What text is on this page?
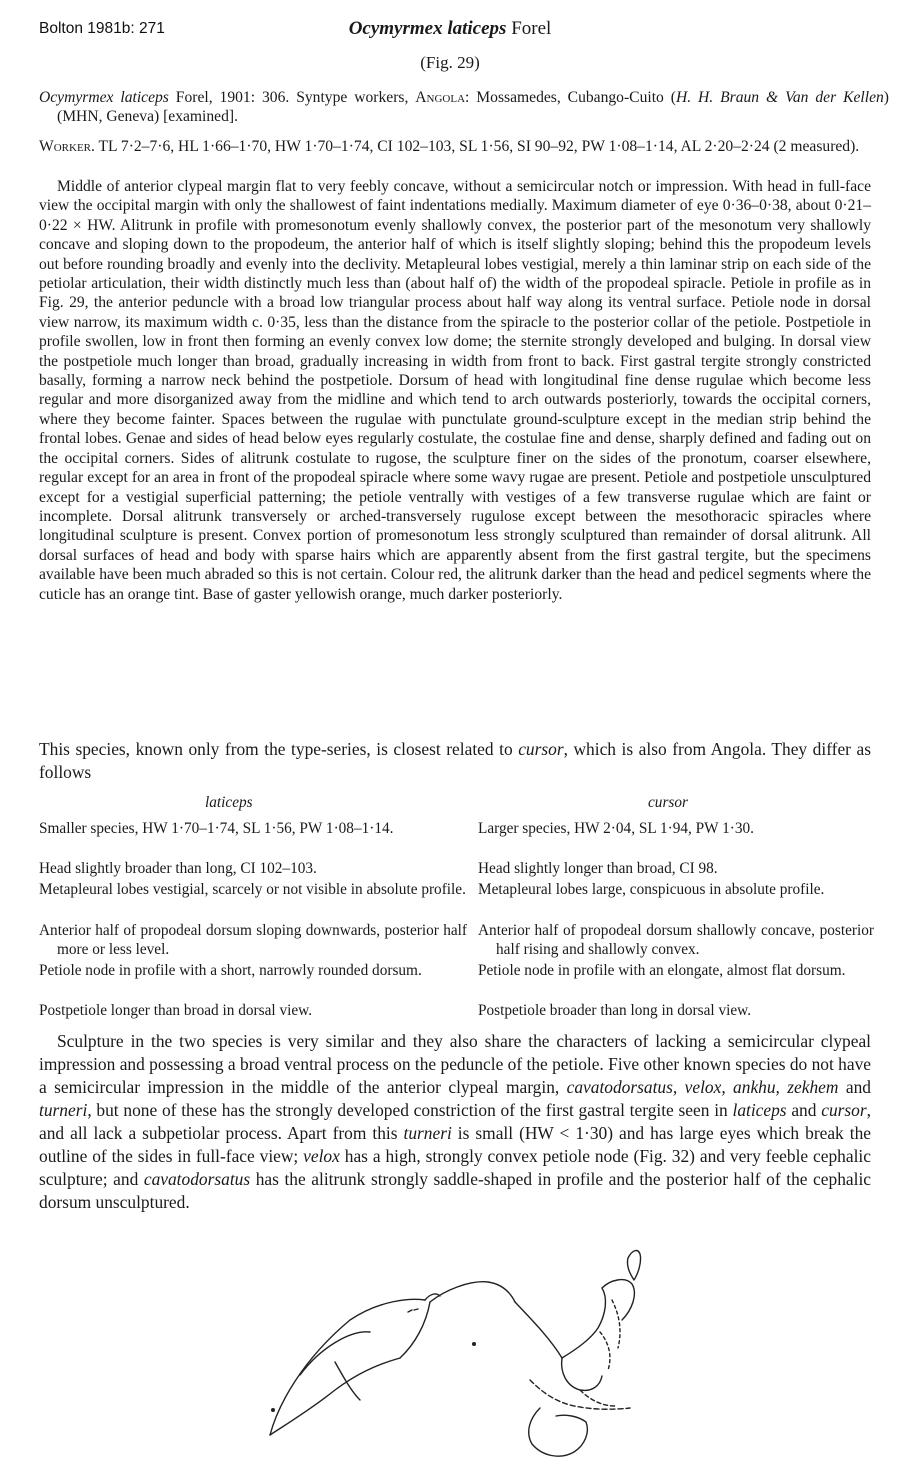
Bolton 1981b: 271	Ocymyrmex laticeps Forel
(Fig. 29)
Ocymyrmex laticeps Forel, 1901: 306. Syntype workers, Angola: Mossamedes, Cubango-Cuito (H. H. Braun & Van der Kellen) (MHN, Geneva) [examined].
Worker. TL 7·2–7·6, HL 1·66–1·70, HW 1·70–1·74, CI 102–103, SL 1·56, SI 90–92, PW 1·08–1·14, AL 2·20–2·24 (2 measured).
Middle of anterior clypeal margin flat to very feebly concave, without a semicircular notch or impression. With head in full-face view the occipital margin with only the shallowest of faint indentations medially. Maximum diameter of eye 0·36–0·38, about 0·21–0·22 × HW. Alitrunk in profile with promesonotum evenly shallowly convex, the posterior part of the mesonotum very shallowly concave and sloping down to the propodeum, the anterior half of which is itself slightly sloping; behind this the propodeum levels out before rounding broadly and evenly into the declivity. Metapleural lobes vestigial, merely a thin laminar strip on each side of the petiolar articulation, their width distinctly much less than (about half of) the width of the propodeal spiracle. Petiole in profile as in Fig. 29, the anterior peduncle with a broad low triangular process about half way along its ventral surface. Petiole node in dorsal view narrow, its maximum width c. 0·35, less than the distance from the spiracle to the posterior collar of the petiole. Postpetiole in profile swollen, low in front then forming an evenly convex low dome; the sternite strongly developed and bulging. In dorsal view the postpetiole much longer than broad, gradually increasing in width from front to back. First gastral tergite strongly constricted basally, forming a narrow neck behind the postpetiole. Dorsum of head with longitudinal fine dense rugulae which become less regular and more disorganized away from the midline and which tend to arch outwards posteriorly, towards the occipital corners, where they become fainter. Spaces between the rugulae with punctulate ground-sculpture except in the median strip behind the frontal lobes. Genae and sides of head below eyes regularly costulate, the costulae fine and dense, sharply defined and fading out on the occipital corners. Sides of alitrunk costulate to rugose, the sculpture finer on the sides of the pronotum, coarser elsewhere, regular except for an area in front of the propodeal spiracle where some wavy rugae are present. Petiole and postpetiole unsculptured except for a vestigial superficial patterning; the petiole ventrally with vestiges of a few transverse rugulae which are faint or incomplete. Dorsal alitrunk transversely or arched-transversely rugulose except between the mesothoracic spiracles where longitudinal sculpture is present. Convex portion of promesonotum less strongly sculptured than remainder of dorsal alitrunk. All dorsal surfaces of head and body with sparse hairs which are apparently absent from the first gastral tergite, but the specimens available have been much abraded so this is not certain. Colour red, the alitrunk darker than the head and pedicel segments where the cuticle has an orange tint. Base of gaster yellowish orange, much darker posteriorly.
This species, known only from the type-series, is closest related to cursor, which is also from Angola. They differ as follows
laticeps	cursor
Smaller species, HW 1·70–1·74, SL 1·56, PW 1·08–1·14.
Head slightly broader than long, CI 102–103.
Metapleural lobes vestigial, scarcely or not visible in absolute profile.
Anterior half of propodeal dorsum sloping downwards, posterior half more or less level.
Petiole node in profile with a short, narrowly rounded dorsum.
Postpetiole longer than broad in dorsal view.
Larger species, HW 2·04, SL 1·94, PW 1·30.
Head slightly longer than broad, CI 98.
Metapleural lobes large, conspicuous in absolute profile.
Anterior half of propodeal dorsum shallowly concave, posterior half rising and shallowly convex.
Petiole node in profile with an elongate, almost flat dorsum.
Postpetiole broader than long in dorsal view.
Sculpture in the two species is very similar and they also share the characters of lacking a semicircular clypeal impression and possessing a broad ventral process on the peduncle of the petiole. Five other known species do not have a semicircular impression in the middle of the anterior clypeal margin, cavatodorsatus, velox, ankhu, zekhem and turneri, but none of these has the strongly developed constriction of the first gastral tergite seen in laticeps and cursor, and all lack a subpetiolar process. Apart from this turneri is small (HW < 1·30) and has large eyes which break the outline of the sides in full-face view; velox has a high, strongly convex petiole node (Fig. 32) and very feeble cephalic sculpture; and cavatodorsatus has the alitrunk strongly saddle-shaped in profile and the posterior half of the cephalic dorsum unsculptured.
